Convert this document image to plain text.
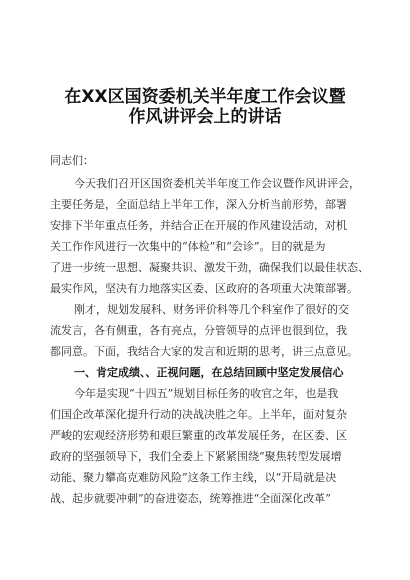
在XX区国资委机关半年度工作会议暨
作风讲评会上的讲话
同志们：
今天我们召开区国资委机关半年度工作会议暨作风讲评会，
主要任务是，全面总结上半年工作，深入分析当前形势，部署
安排下半年重点任务，并结合正在开展的作风建设活动，对机
关工作作风进行一次集中的“体检”和“会诊”。目的就是为
了进一步统一思想、凝聚共识、激发干劲，确保我们以最佳状态、
最实作风，坚决有力地落实区委、区政府的各项重大决策部署。
刚才，规划发展科、财务评价科等几个科室作了很好的交
流发言，各有侧重，各有亮点，分管领导的点评也很到位，我
都同意。下面，我结合大家的发言和近期的思考，讲三点意见。
一、肯定成绩、、正视问题，在总结回顾中坚定发展信心
今年是实现“十四五”规划目标任务的收官之年，也是我
们国企改革深化提升行动的决战决胜之年。上半年，面对复杂
严峻的宏观经济形势和艰巨繁重的改革发展任务，在区委、区
政府的坚强领导下，我们全委上下紧紧围绕“聚焦转型发展增
动能、聚力攀高克难防风险”这条工作主线，以“开局就是决
战、起步就要冲刺”的奋进姿态，统筹推进“全面深化改革”
